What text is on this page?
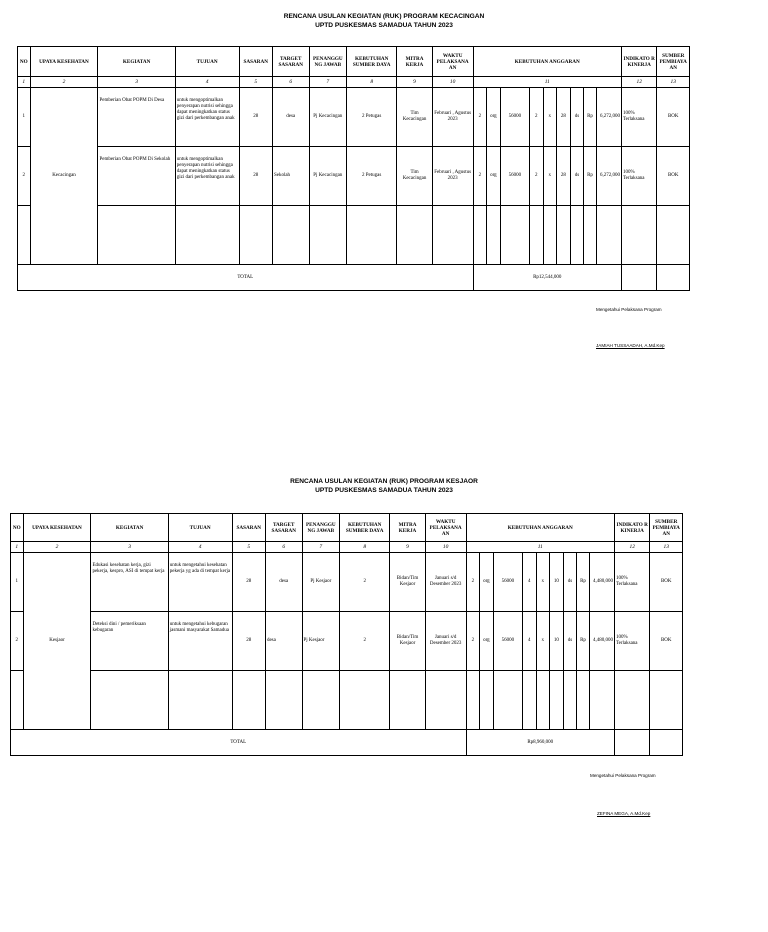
RENCANA USULAN KEGIATAN (RUK) PROGRAM KECACINGAN
UPTD PUSKESMAS SAMADUA TAHUN 2023
NO	UPAYA KESEHATAN	KEGIATAN	TUJUAN	SASARAN	TARGET SASARAN	PENANGGU NG JAWAB	KEBUTUHAN SUMBER DAYA	MITRA KERJA	WAKTU PELAKSANA AN	KEBUTUHAN ANGGARAN									INDIKATO R KINERJA	SUMBER PEMBIAYA AN
1	2	3	4	5	6	7	8	9	10	11									12	13
1	Kecacingan	Pemberian Obat POPM Di Desa	untuk mengoptimalkan penyerapan nutrisi sehingga dapat meningkatkan status gizi dari perkembangan anak	28	desa	Pj Kecacingan	2 Petugas	Tim Kecacingan	Februari , Agustus 2023	2	org	56000	2	x	28	ds	Rp	6,272,000	100% Terlaksana	BOK
2		Pemberian Obat POPM Di Sekolah	untuk mengoptimalkan penyerapan nutrisi sehingga dapat meningkatkan status gizi dari perkembangan anak	28	Sekolah	Pj Kecacingan	2 Petugas	Tim Kecacingan	Februari , Agustus 2023	2	org	56000	2	x	28	ds	Rp	6,272,000	100% Terlaksana	BOK

TOTAL										Rp12,544,000										
Mengetahui Pelaksana Program
JAMIAH TUSSAADAH, A.Md.Kep
RENCANA USULAN KEGIATAN (RUK) PROGRAM KESJAOR
UPTD PUSKESMAS SAMADUA TAHUN 2023
NO	UPAYA KESEHATAN	KEGIATAN	TUJUAN	SASARAN	TARGET SASARAN	PENANGGU NG JAWAB	KEBUTUHAN SUMBER DAYA	MITRA KERJA	WAKTU PELAKSANA AN	KEBUTUHAN ANGGARAN									INDIKATO R KINERJA	SUMBER PEMBIAYA AN
1	2	3	4	5	6	7	8	9	10	11									12	13
1	Kesjaor	Edukasi kesehatan kerja, gizi pekerja, kespro, ASI di tempat kerja	untuk mengetahui kesehatan pekerja yg ada di tempat kerja	28	desa	Pj Kesjaor	2	Bidan/Tim Kesjaor	Januari s/d Desember 2023	2	org	56000	4	x	10	ds	Rp	4,480,000	100% Terlaksana	BOK
2		Deteksi dini / pemeriksaan kebugaran	untuk mengetahui kebugaran jasmani masyarakat Samadua	28	desa	Pj Kesjaor	2	Bidan/Tim Kesjaor	Januari s/d Desember 2023	2	org	56000	4	x	10	ds	Rp	4,480,000	100% Terlaksana	BOK

TOTAL										Rp8,960,000										
Mengetahui Pelaksana Program
ZEFINA MEGA, A.Md.Kep
